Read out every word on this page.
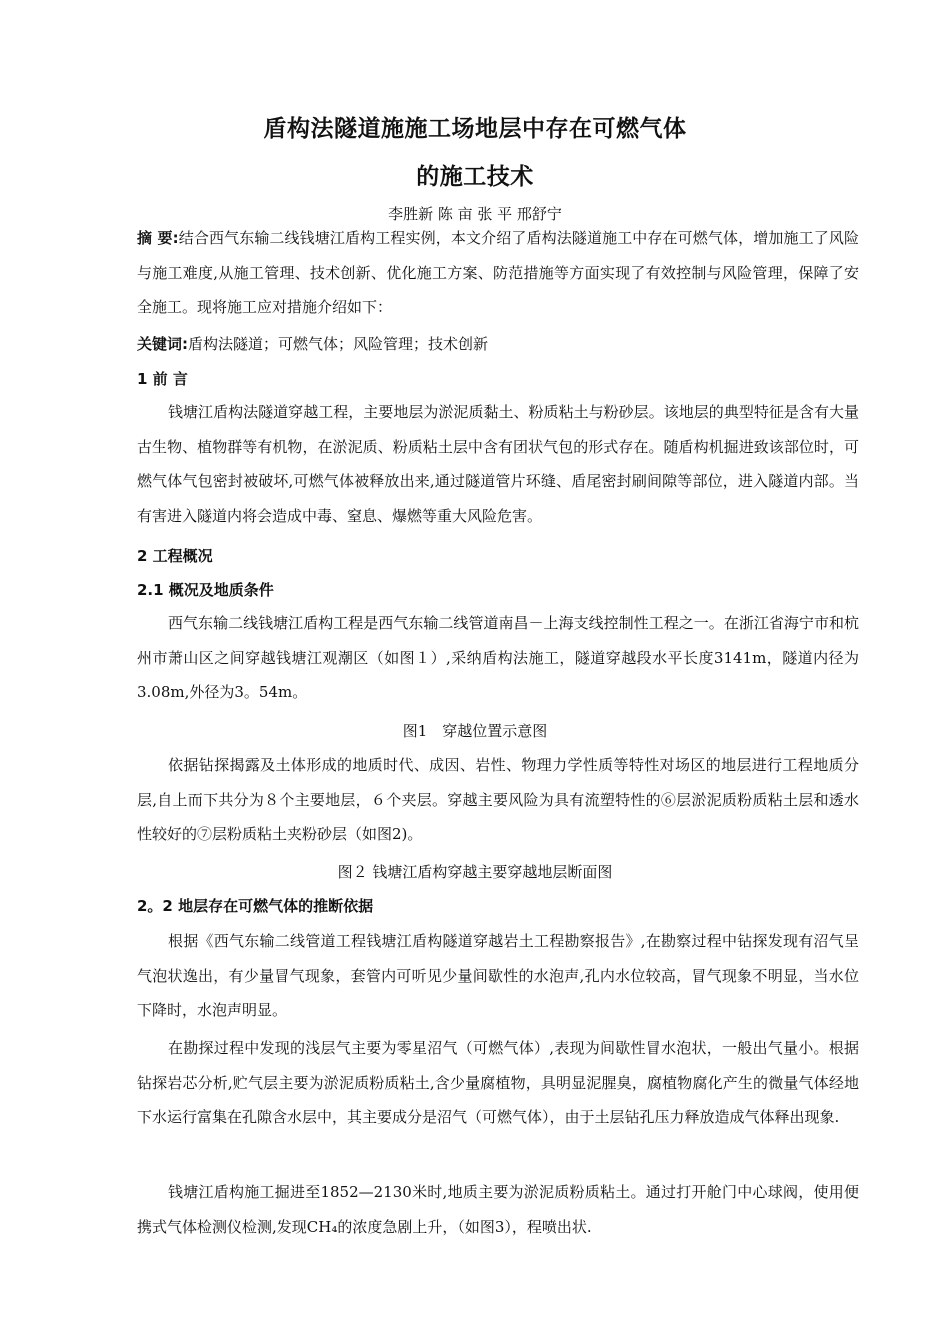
盾构法隧道施施工场地层中存在可燃气体
的施工技术
李胜新 陈 亩 张 平 邢舒宁

摘 要:结合西气东输二线钱塘江盾构工程实例，本文介绍了盾构法隧道施工中存在可燃气体，增加施工了风险与施工难度,从施工管理、技术创新、优化施工方案、防范措施等方面实现了有效控制与风险管理，保障了安全施工。现将施工应对措施介绍如下：

关键词:盾构法隧道；可燃气体；风险管理；技术创新

1 前 言

钱塘江盾构法隧道穿越工程，主要地层为淤泥质黏土、粉质粘土与粉砂层。该地层的典型特征是含有大量古生物、植物群等有机物，在淤泥质、粉质粘土层中含有团状气包的形式存在。随盾构机掘进致该部位时，可燃气体气包密封被破坏,可燃气体被释放出来,通过隧道管片环缝、盾尾密封刷间隙等部位，进入隧道内部。当有害进入隧道内将会造成中毒、窒息、爆燃等重大风险危害。

2 工程概况
2.1 概况及地质条件

西气东输二线钱塘江盾构工程是西气东输二线管道南昌－上海支线控制性工程之一。在浙江省海宁市和杭州市萧山区之间穿越钱塘江观潮区（如图１）,采纳盾构法施工，隧道穿越段水平长度3141m，隧道内径为3.08m,外径为3。54m。

图1　穿越位置示意图

依据钻探揭露及土体形成的地质时代、成因、岩性、物理力学性质等特性对场区的地层进行工程地质分层,自上而下共分为８个主要地层，６个夹层。穿越主要风险为具有流塑特性的⑥层淤泥质粉质粘土层和透水性较好的⑦层粉质粘土夹粉砂层（如图2)。

图２ 钱塘江盾构穿越主要穿越地层断面图
2。2 地层存在可燃气体的推断依据

根据《西气东输二线管道工程钱塘江盾构隧道穿越岩土工程勘察报告》,在勘察过程中钻探发现有沼气呈气泡状逸出，有少量冒气现象，套管内可听见少量间歇性的水泡声,孔内水位较高，冒气现象不明显，当水位下降时，水泡声明显。

在勘探过程中发现的浅层气主要为零星沼气（可燃气体）,表现为间歇性冒水泡状，一般出气量小。根据钻探岩芯分析,贮气层主要为淤泥质粉质粘土,含少量腐植物，具明显泥腥臭，腐植物腐化产生的微量气体经地下水运行富集在孔隙含水层中，其主要成分是沼气（可燃气体），由于土层钻孔压力释放造成气体释出现象.

钱塘江盾构施工掘进至1852—2130米时,地质主要为淤泥质粉质粘土。通过打开舱门中心球阀，使用便携式气体检测仪检测,发现CH₄的浓度急剧上升，（如图3），程喷出状.
